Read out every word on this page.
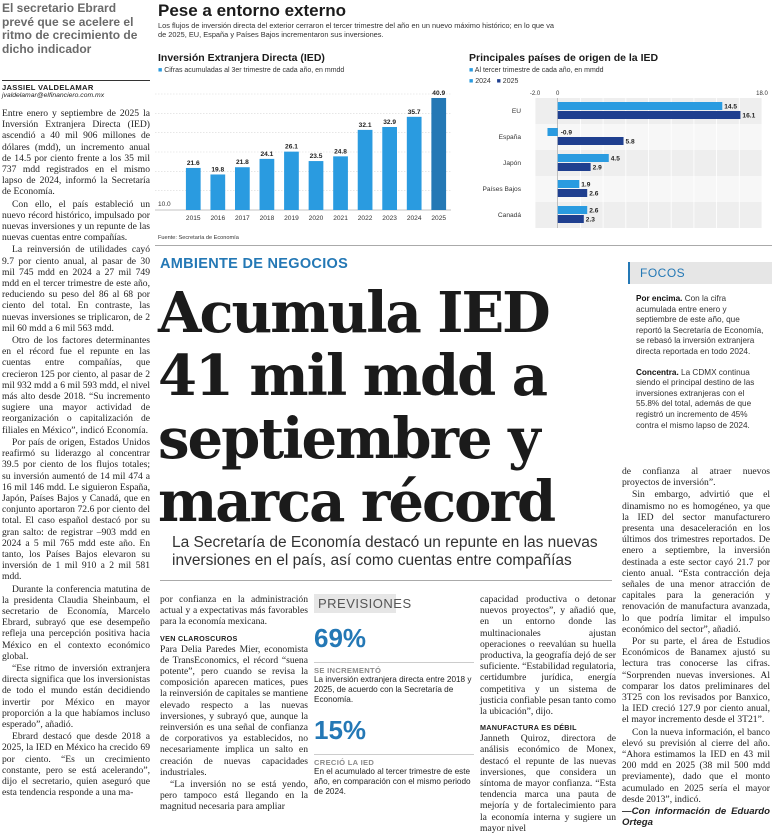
El secretario Ebrard prevé que se acelere el ritmo de crecimiento de dicho indicador
JASSIEL VALDELAMAR
jvaldelamar@elfinanciero.com.mx

Entre enero y septiembre de 2025 la Inversión Extranjera Directa (IED) ascendió a 40 mil 906 millones de dólares (mdd), un incremento anual de 14.5 por ciento frente a los 35 mil 737 mdd registrados en el mismo lapso de 2024, informó la Secretaría de Economía.

Con ello, el país estableció un nuevo récord histórico, impulsado por nuevas inversiones y un repunte de las nuevas cuentas entre compañías.

La reinversión de utilidades cayó 9.7 por ciento anual, al pasar de 30 mil 745 mdd en 2024 a 27 mil 749 mdd en el tercer trimestre de este año, reduciendo su peso del 86 al 68 por ciento del total. En contraste, las nuevas inversiones se triplicaron, de 2 mil 60 mdd a 6 mil 563 mdd.

Otro de los factores determinantes en el récord fue el repunte en las cuentas entre compañías, que crecieron 125 por ciento, al pasar de 2 mil 932 mdd a 6 mil 593 mdd, el nivel más alto desde 2018. “Su incremento sugiere una mayor actividad de reorganización o capitalización de filiales en México”, indicó Economía.

Por país de origen, Estados Unidos reafirmó su liderazgo al concentrar 39.5 por ciento de los flujos totales; su inversión aumentó de 14 mil 474 a 16 mil 146 mdd. Le siguieron España, Japón, Países Bajos y Canadá, que en conjunto aportaron 72.6 por ciento del total. El caso español destacó por su gran salto: de registrar –903 mdd en 2024 a 5 mil 765 mdd este año. En tanto, los Países Bajos elevaron su inversión de 1 mil 910 a 2 mil 581 mdd.

Durante la conferencia matutina de la presidenta Claudia Sheinbaum, el secretario de Economía, Marcelo Ebrard, subrayó que ese desempeño refleja una percepción positiva hacia México en el contexto económico global.

“Ese ritmo de inversión extranjera directa significa que los inversionistas de todo el mundo están decidiendo invertir por México en mayor proporción a la que habíamos incluso esperado”, añadió.

Ebrard destacó que desde 2018 a 2025, la IED en México ha crecido 69 por ciento. “Es un crecimiento constante, pero se está acelerando”, dijo el secretario, quien aseguró que esta tendencia responde a una ma-

Pese a entorno externo
Los flujos de inversión directa del exterior cerraron el tercer trimestre del año en un nuevo máximo histórico; en lo que va de 2025, EU, España y Países Bajos incrementaron sus inversiones.
Inversión Extranjera Directa (IED)
■ Cifras acumuladas al 3er trimestre de cada año, en mmdd
21.6
2015
19.8
2016
21.8
2017
24.1
2018
26.1
2019
23.5
2020
24.8
2021
32.1
2022
32.9
2023
35.7
2024
40.9
2025
10.0
Principales países de origen de la IED
■ Al tercer trimestre de cada año, en mmdd
■ 2024 ■ 2025
-2.0	0	18.0
EU
14.5
16.1
España
-0.9
5.8
Japón
4.5
2.9
Países Bajos
1.9
2.6
Canadá
2.6
2.3
Fuente: Secretaría de Economía
AMBIENTE DE NEGOCIOS
Acumula IED 41 mil mdd a septiembre y marca récord
La Secretaría de Economía destacó un repunte en las nuevas inversiones en el país, así como cuentas entre compañías
FOCOS

Por encima. Con la cifra acumulada entre enero y septiembre de este año, que reportó la Secretaría de Economía, se rebasó la inversión extranjera directa reportada en todo 2024.

Concentra. La CDMX continua siendo el principal destino de las inversiones extranjeras con el 55.8% del total, además de que registró un incremento de 45% contra el mismo lapso de 2024.

por confianza en la administración actual y a expectativas más favorables para la economía mexicana.

VEN CLAROSCUROS

Para Delia Paredes Mier, economista de TransEconomics, el récord “suena potente”, pero cuando se revisa la composición aparecen matices, pues la reinversión de capitales se mantiene elevado respecto a las nuevas inversiones, y subrayó que, aunque la reinversión es una señal de confianza de corporativos ya establecidos, no necesariamente implica un salto en creación de nuevas capacidades industriales.

“La inversión no se está yendo, pero tampoco está llegando en la magnitud necesaria para ampliar

PREVISIONES
69%
SE INCREMENTÓ
La inversión extranjera directa entre 2018 y 2025, de acuerdo con la Secretaría de Economía.
15%
CRECIÓ LA IED
En el acumulado al tercer trimestre de este año, en comparación con el mismo periodo de 2024.

capacidad productiva o detonar nuevos proyectos”, y añadió que, en un entorno donde las multinacionales ajustan operaciones o reevalúan su huella productiva, la geografía dejó de ser suficiente. “Estabilidad regulatoria, certidumbre jurídica, energía competitiva y un sistema de justicia confiable pesan tanto como la ubicación”, dijo.

MANUFACTURA ES DÉBIL

Janneth Quiroz, directora de análisis económico de Monex, destacó el repunte de las nuevas inversiones, que considera un síntoma de mayor confianza. “Esta tendencia marca una pauta de mejoría y de fortalecimiento para la economía interna y sugiere un mayor nivel

de confianza al atraer nuevos proyectos de inversión”.

Sin embargo, advirtió que el dinamismo no es homogéneo, ya que la IED del sector manufacturero presenta una desaceleración en los últimos dos trimestres reportados. De enero a septiembre, la inversión destinada a este sector cayó 21.7 por ciento anual. “Esta contracción deja señales de una menor atracción de capitales para la generación y renovación de manufactura avanzada, lo que podría limitar el impulso económico del sector”, añadió.

Por su parte, el área de Estudios Económicos de Banamex ajustó su lectura tras conocerse las cifras. “Sorprenden nuevas inversiones. Al comparar los datos preliminares del 3T25 con los revisados por Banxico, la IED creció 127.9 por ciento anual, el mayor incremento desde el 3T21”.

Con la nueva información, el banco elevó su previsión al cierre del año. “Ahora estimamos la IED en 43 mil 200 mdd en 2025 (38 mil 500 mdd previamente), dado que el monto acumulado en 2025 sería el mayor desde 2013”, indicó.

—Con información de Eduardo Ortega
